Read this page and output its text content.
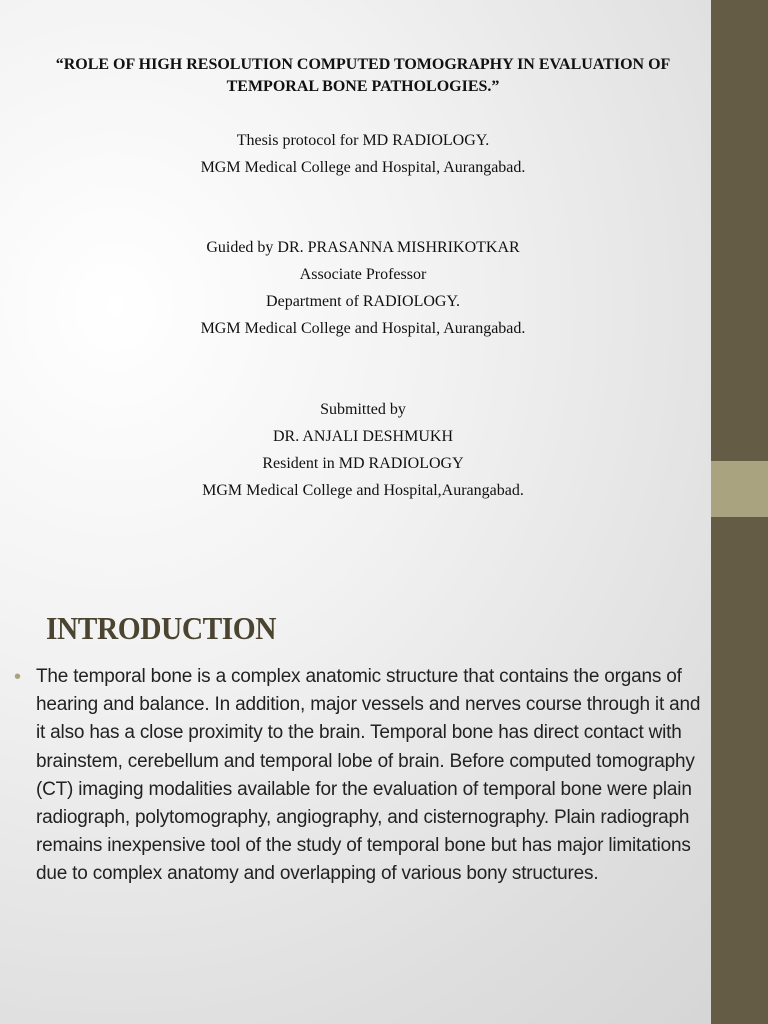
“ROLE OF HIGH RESOLUTION COMPUTED TOMOGRAPHY IN EVALUATION OF TEMPORAL BONE PATHOLOGIES.”
Thesis protocol for MD RADIOLOGY.
MGM Medical College and Hospital, Aurangabad.
Guided by DR. PRASANNA MISHRIKOTKAR
Associate Professor
Department of RADIOLOGY.
MGM Medical College and Hospital, Aurangabad.
Submitted by
DR. ANJALI DESHMUKH
Resident in MD RADIOLOGY
MGM Medical College and Hospital,Aurangabad.
INTRODUCTION
• The temporal bone is a complex anatomic structure that contains the organs of hearing and balance. In addition, major vessels and nerves course through it and it also has a close proximity to the brain. Temporal bone has direct contact with brainstem, cerebellum and temporal lobe of brain. Before computed tomography (CT) imaging modalities available for the evaluation of temporal bone were plain radiograph, polytomography, angiography, and cisternography. Plain radiograph remains inexpensive tool of the study of temporal bone but has major limitations due to complex anatomy and overlapping of various bony structures.
